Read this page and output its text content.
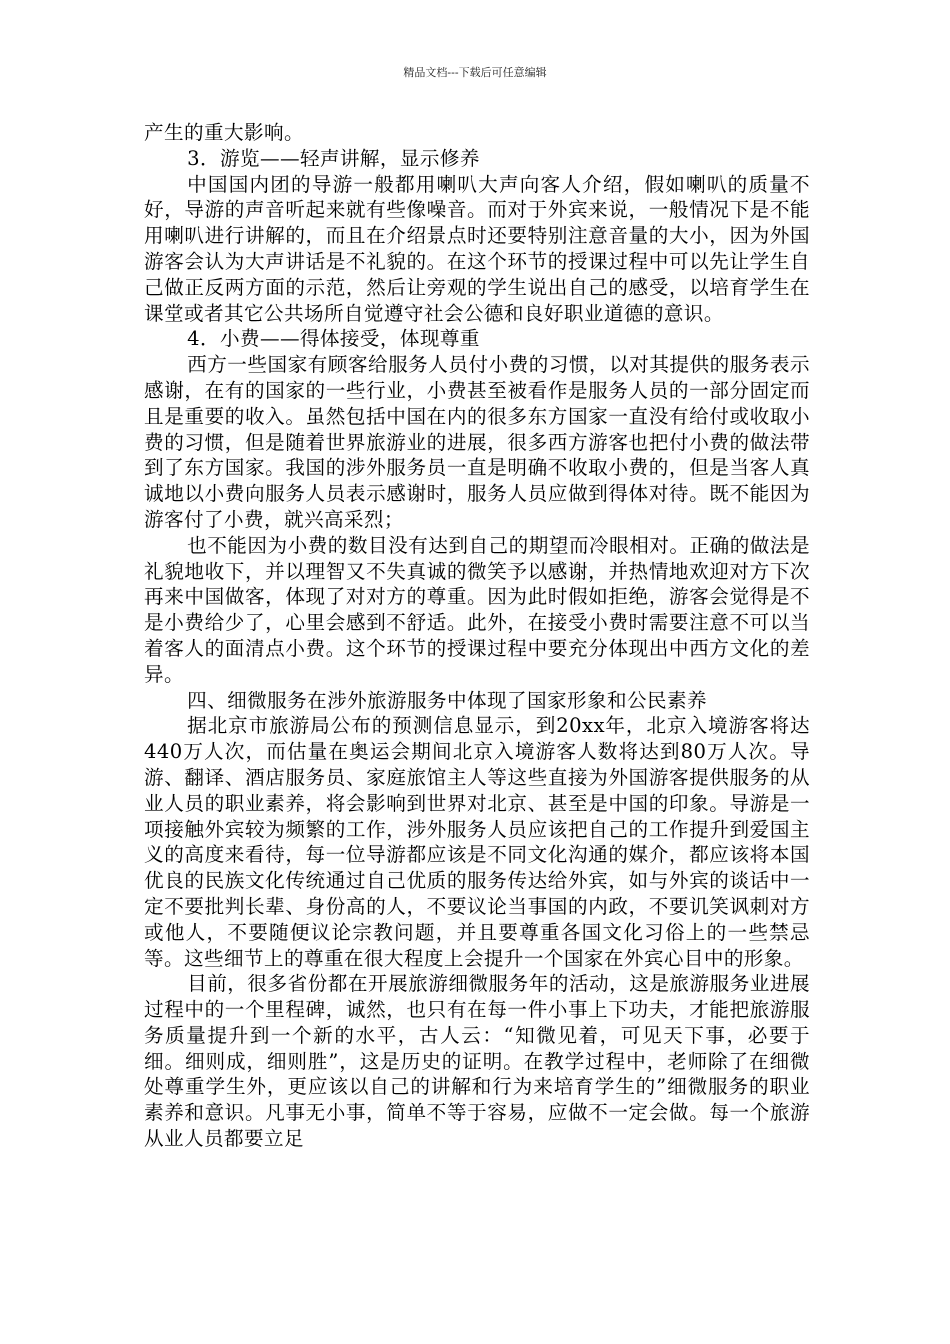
精品文档---下载后可任意编辑

产生的重大影响。

3．游览——轻声讲解，显示修养

中国国内团的导游一般都用喇叭大声向客人介绍，假如喇叭的质量不好，导游的声音听起来就有些像噪音。而对于外宾来说，一般情况下是不能用喇叭进行讲解的，而且在介绍景点时还要特别注意音量的大小，因为外国游客会认为大声讲话是不礼貌的。在这个环节的授课过程中可以先让学生自己做正反两方面的示范，然后让旁观的学生说出自己的感受，以培育学生在课堂或者其它公共场所自觉遵守社会公德和良好职业道德的意识。

4．小费——得体接受，体现尊重

西方一些国家有顾客给服务人员付小费的习惯，以对其提供的服务表示感谢，在有的国家的一些行业，小费甚至被看作是服务人员的一部分固定而且是重要的收入。虽然包括中国在内的很多东方国家一直没有给付或收取小费的习惯，但是随着世界旅游业的进展，很多西方游客也把付小费的做法带到了东方国家。我国的涉外服务员一直是明确不收取小费的，但是当客人真诚地以小费向服务人员表示感谢时，服务人员应做到得体对待。既不能因为游客付了小费，就兴高采烈；

也不能因为小费的数目没有达到自己的期望而冷眼相对。正确的做法是礼貌地收下，并以理智又不失真诚的微笑予以感谢，并热情地欢迎对方下次再来中国做客，体现了对对方的尊重。因为此时假如拒绝，游客会觉得是不是小费给少了，心里会感到不舒适。此外，在接受小费时需要注意不可以当着客人的面清点小费。这个环节的授课过程中要充分体现出中西方文化的差异。

四、细微服务在涉外旅游服务中体现了国家形象和公民素养

据北京市旅游局公布的预测信息显示，到20xx年，北京入境游客将达440万人次，而估量在奥运会期间北京入境游客人数将达到80万人次。导游、翻译、酒店服务员、家庭旅馆主人等这些直接为外国游客提供服务的从业人员的职业素养，将会影响到世界对北京、甚至是中国的印象。导游是一项接触外宾较为频繁的工作，涉外服务人员应该把自己的工作提升到爱国主义的高度来看待，每一位导游都应该是不同文化沟通的媒介，都应该将本国优良的民族文化传统通过自己优质的服务传达给外宾，如与外宾的谈话中一定不要批判长辈、身份高的人，不要议论当事国的内政，不要讥笑讽刺对方或他人，不要随便议论宗教问题，并且要尊重各国文化习俗上的一些禁忌等。这些细节上的尊重在很大程度上会提升一个国家在外宾心目中的形象。

目前，很多省份都在开展旅游细微服务年的活动，这是旅游服务业进展过程中的一个里程碑，诚然，也只有在每一件小事上下功夫，才能把旅游服务质量提升到一个新的水平，古人云：“知微见着，可见天下事，必要于细。细则成，细则胜”，这是历史的证明。在教学过程中，老师除了在细微处尊重学生外，更应该以自己的讲解和行为来培育学生的”细微服务的职业素养和意识。凡事无小事，简单不等于容易，应做不一定会做。每一个旅游从业人员都要立足
